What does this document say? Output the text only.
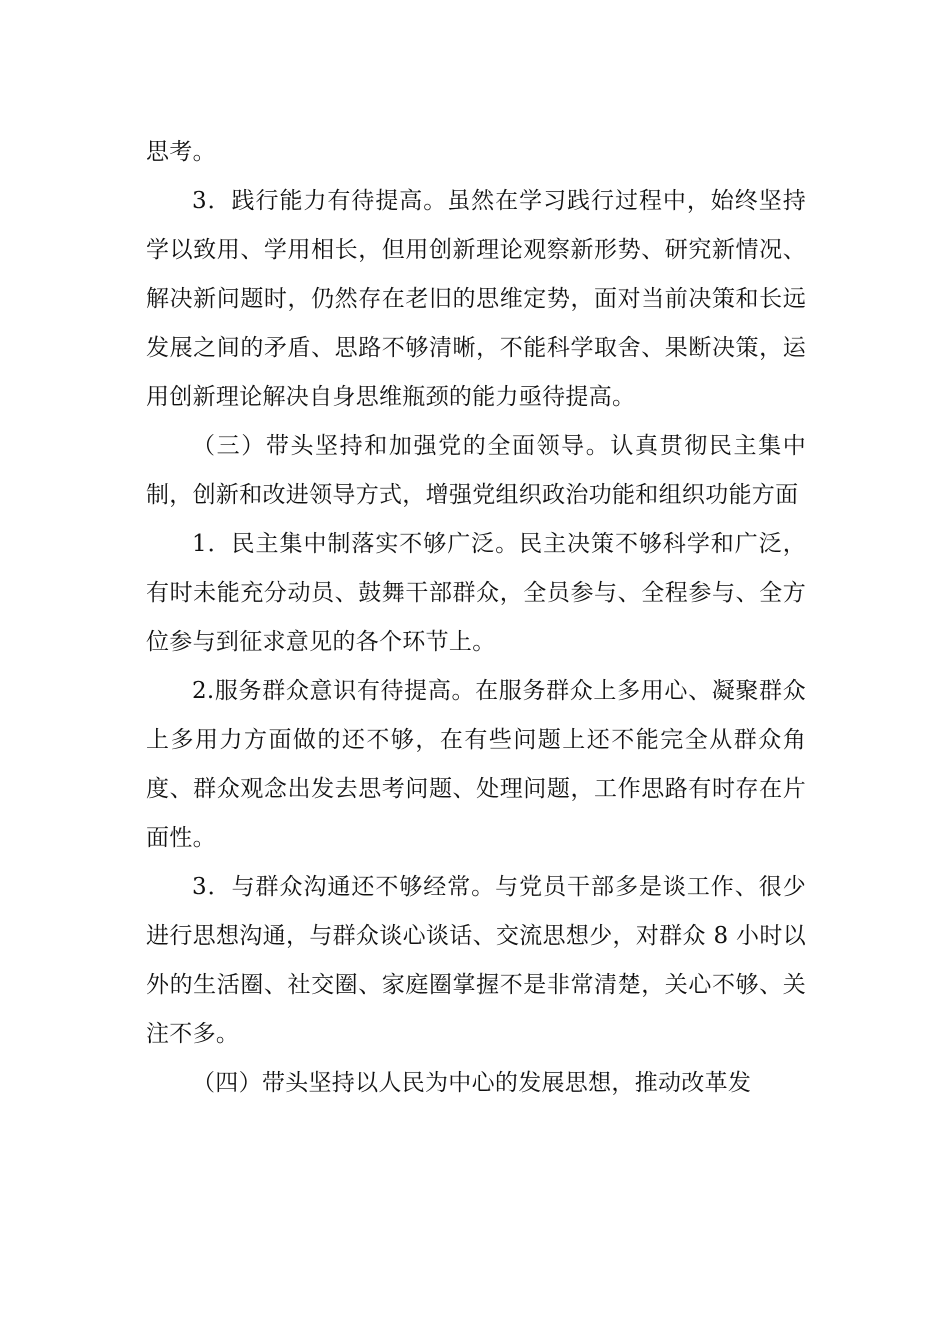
思考。

3．践行能力有待提高。虽然在学习践行过程中，始终坚持学以致用、学用相长，但用创新理论观察新形势、研究新情况、解决新问题时，仍然存在老旧的思维定势，面对当前决策和长远发展之间的矛盾、思路不够清晰，不能科学取舍、果断决策，运用创新理论解决自身思维瓶颈的能力亟待提高。

（三）带头坚持和加强党的全面领导。认真贯彻民主集中制，创新和改进领导方式，增强党组织政治功能和组织功能方面

1．民主集中制落实不够广泛。民主决策不够科学和广泛，有时未能充分动员、鼓舞干部群众，全员参与、全程参与、全方位参与到征求意见的各个环节上。

2.服务群众意识有待提高。在服务群众上多用心、凝聚群众上多用力方面做的还不够，在有些问题上还不能完全从群众角度、群众观念出发去思考问题、处理问题，工作思路有时存在片面性。

3．与群众沟通还不够经常。与党员干部多是谈工作、很少进行思想沟通，与群众谈心谈话、交流思想少，对群众 8 小时以外的生活圈、社交圈、家庭圈掌握不是非常清楚，关心不够、关注不多。

（四）带头坚持以人民为中心的发展思想，推动改革发
